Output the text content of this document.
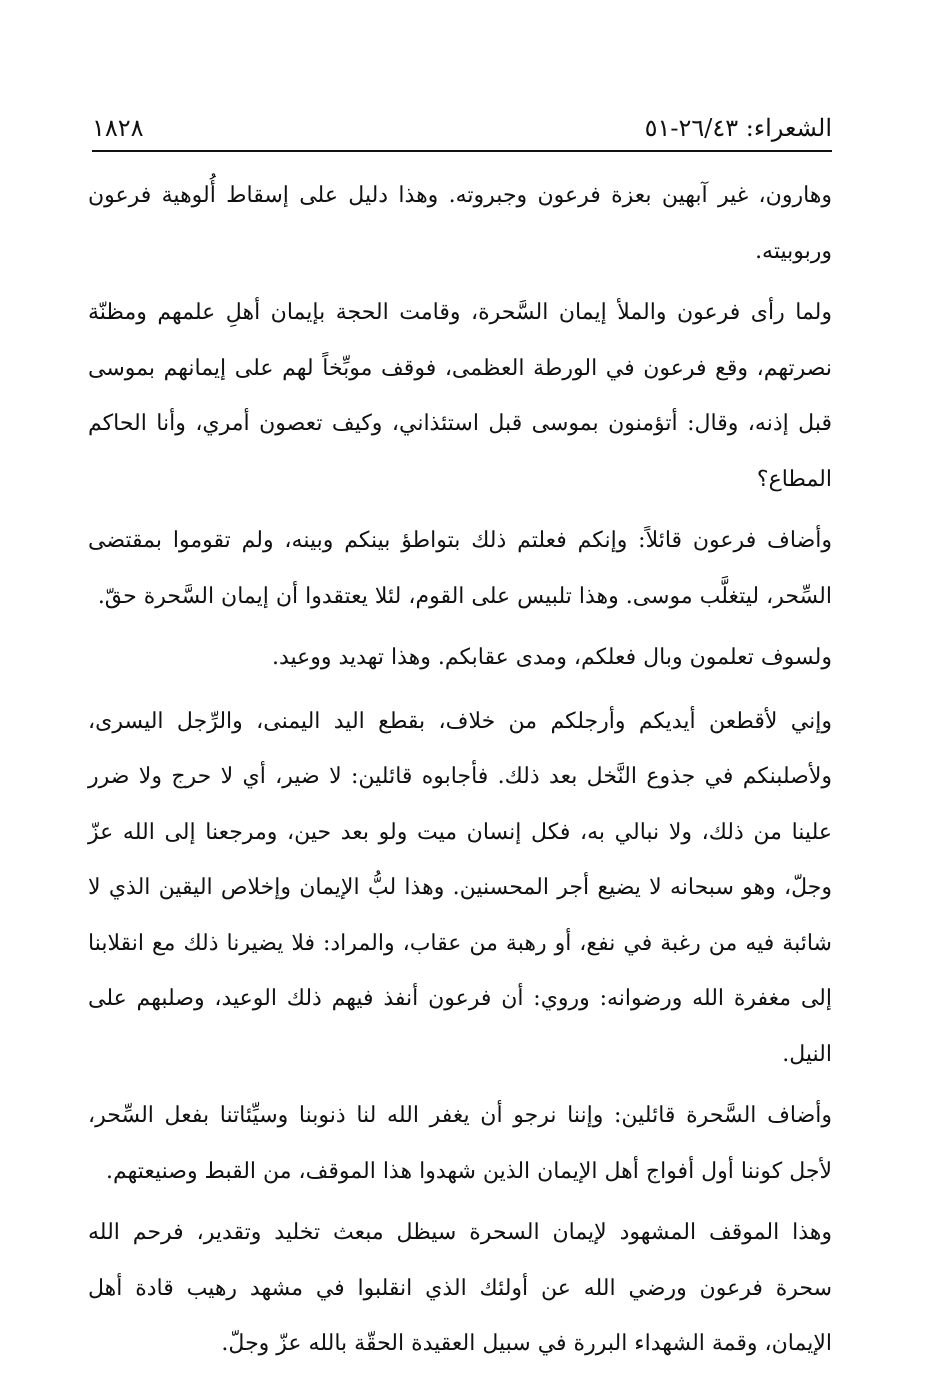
الشعراء: ٢٦/٤٣-٥١
١٨٢٨

وهارون، غير آبهين بعزة فرعون وجبروته. وهذا دليل على إسقاط أُلوهية فرعون وربوبيته.

ولما رأى فرعون والملأ إيمان السَّحرة، وقامت الحجة بإيمان أهلِ علمهم ومظنّة نصرتهم، وقع فرعون في الورطة العظمى، فوقف موبِّخاً لهم على إيمانهم بموسى قبل إذنه، وقال: أتؤمنون بموسى قبل استئذاني، وكيف تعصون أمري، وأنا الحاكم المطاع؟

وأضاف فرعون قائلاً: وإنكم فعلتم ذلك بتواطؤ بينكم وبينه، ولم تقوموا بمقتضى السِّحر، ليتغلَّب موسى. وهذا تلبيس على القوم، لئلا يعتقدوا أن إيمان السَّحرة حقّ.

ولسوف تعلمون وبال فعلكم، ومدى عقابكم. وهذا تهديد ووعيد.

وإني لأقطعن أيديكم وأرجلكم من خلاف، بقطع اليد اليمنى، والرِّجل اليسرى، ولأصلبنكم في جذوع النَّخل بعد ذلك. فأجابوه قائلين: لا ضير، أي لا حرج ولا ضرر علينا من ذلك، ولا نبالي به، فكل إنسان ميت ولو بعد حين، ومرجعنا إلى الله عزّ وجلّ، وهو سبحانه لا يضيع أجر المحسنين. وهذا لبُّ الإيمان وإخلاص اليقين الذي لا شائبة فيه من رغبة في نفع، أو رهبة من عقاب، والمراد: فلا يضيرنا ذلك مع انقلابنا إلى مغفرة الله ورضوانه: وروي: أن فرعون أنفذ فيهم ذلك الوعيد، وصلبهم على النيل.

وأضاف السَّحرة قائلين: وإننا نرجو أن يغفر الله لنا ذنوبنا وسيِّئاتنا بفعل السِّحر، لأجل كوننا أول أفواج أهل الإيمان الذين شهدوا هذا الموقف، من القبط وصنيعتهم.

وهذا الموقف المشهود لإيمان السحرة سيظل مبعث تخليد وتقدير، فرحم الله سحرة فرعون ورضي الله عن أولئك الذي انقلبوا في مشهد رهيب قادة أهل الإيمان، وقمة الشهداء البررة في سبيل العقيدة الحقّة بالله عزّ وجلّ.
